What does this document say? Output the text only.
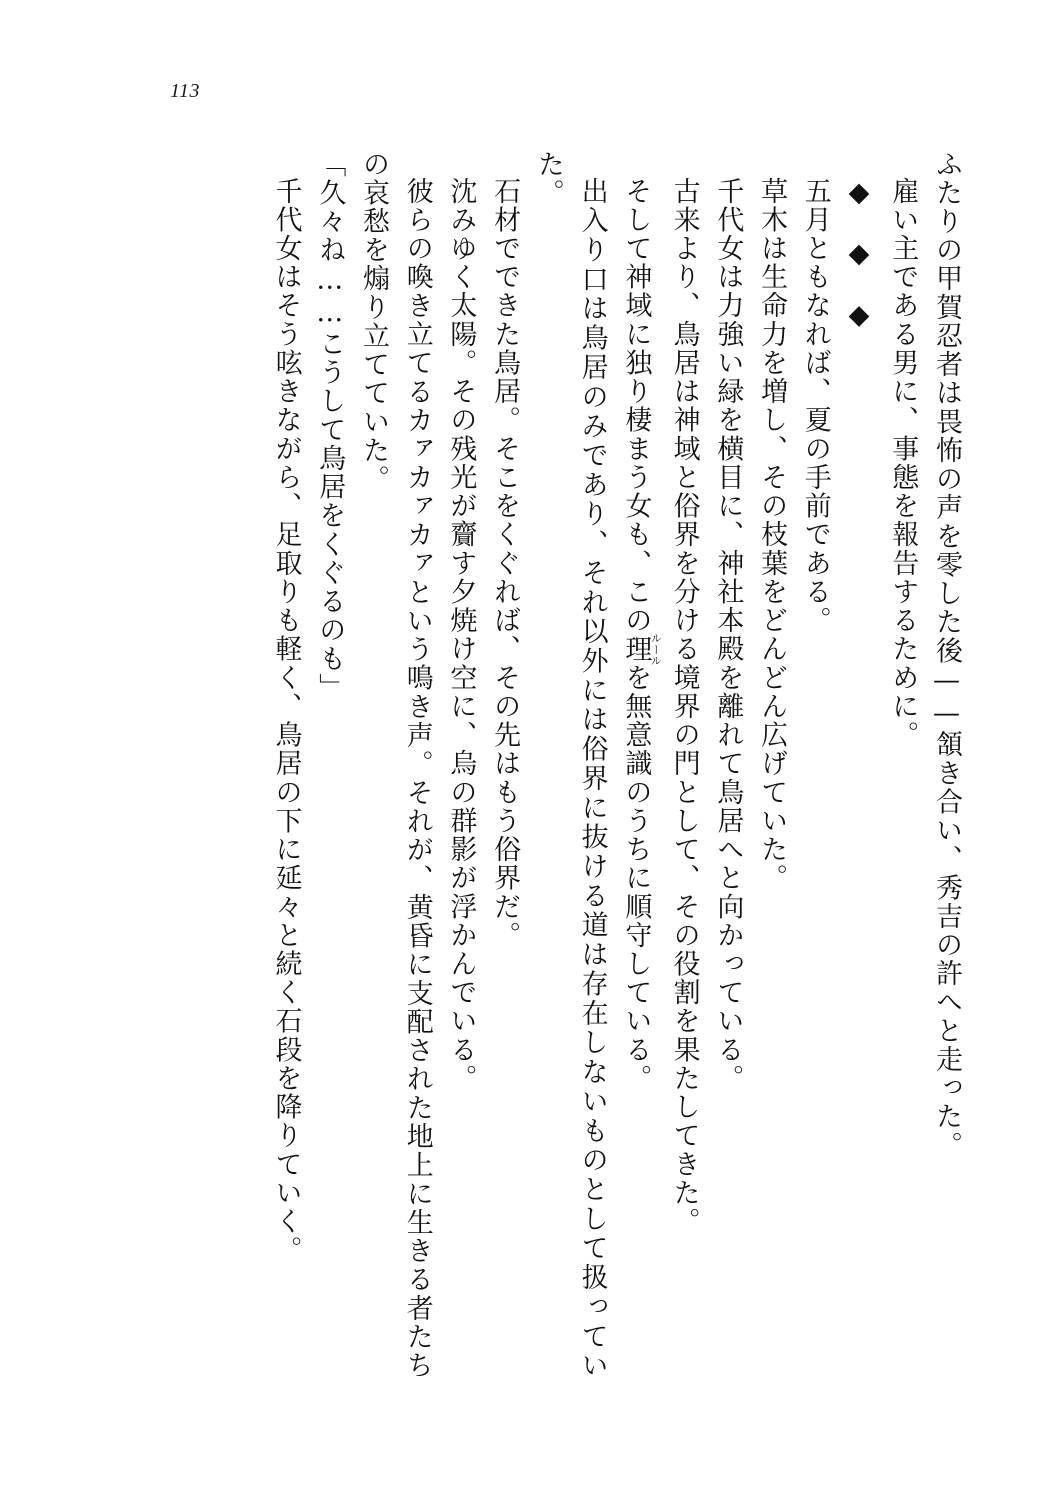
113

ふたりの甲賀忍者は畏怖の声を零した後——頷き合い、秀吉の許へと走った。

雇い主である男に、事態を報告するために。

◆　◆　◆

五月ともなれば、夏の手前である。

草木は生命力を増し、その枝葉をどんどん広げていた。

千代女は力強い緑を横目に、神社本殿を離れて鳥居へと向かっている。

古来より、鳥居は神域と俗界を分ける境界の門として、その役割を果たしてきた。

そして神域に独り棲まう女も、この理ルールを無意識のうちに順守している。

出入り口は鳥居のみであり、それ以外には俗界に抜ける道は存在しないものとして扱っていた。

石材でできた鳥居。そこをくぐれば、その先はもう俗界だ。

沈みゆく太陽。その残光が齎す夕焼け空に、烏の群影が浮かんでいる。

彼らの喚き立てるカァカァカァという鳴き声。それが、黄昏に支配された地上に生きる者たちの哀愁を煽り立てていた。

「久々ね……こうして鳥居をくぐるのも」

千代女はそう呟きながら、足取りも軽く、鳥居の下に延々と続く石段を降りていく。
